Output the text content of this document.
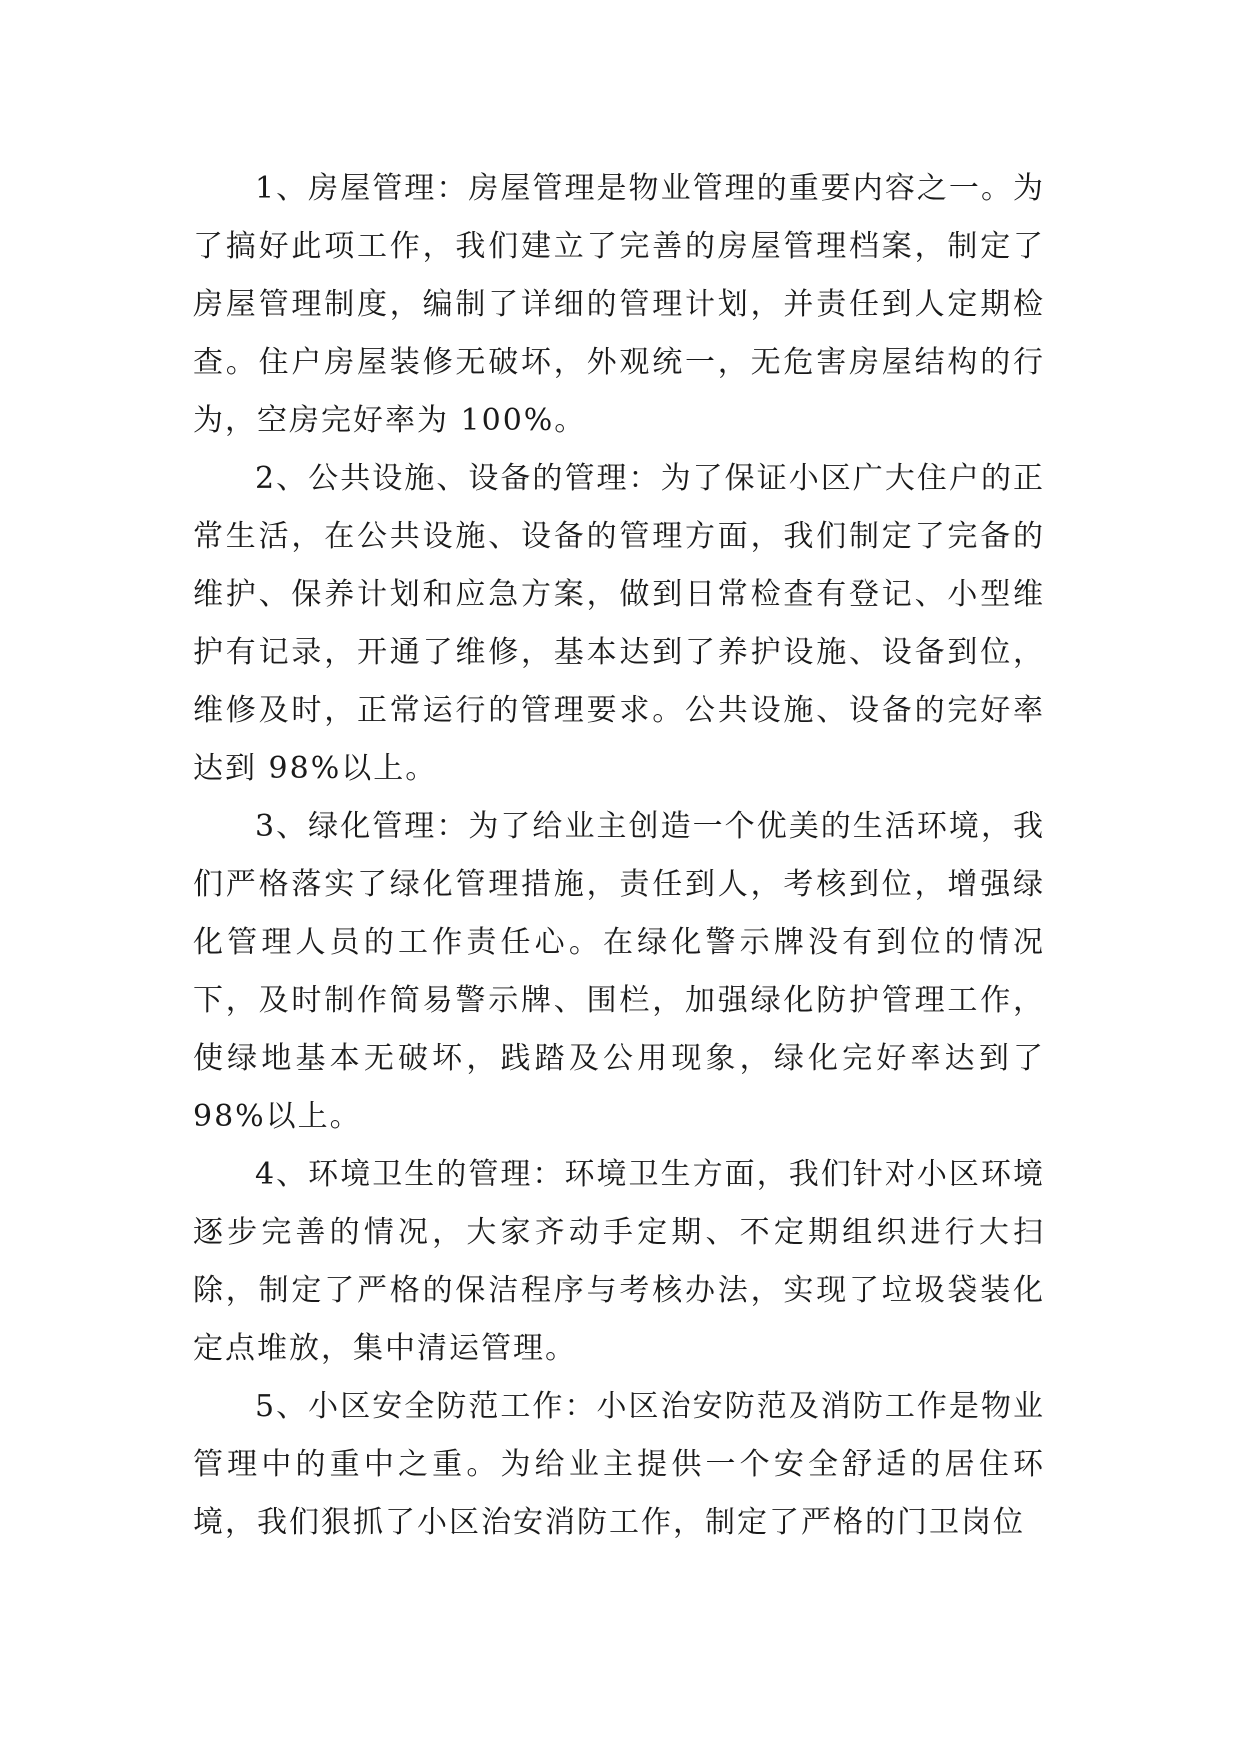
1、房屋管理：房屋管理是物业管理的重要内容之一。为了搞好此项工作，我们建立了完善的房屋管理档案，制定了房屋管理制度，编制了详细的管理计划，并责任到人定期检查。住户房屋装修无破坏，外观统一，无危害房屋结构的行为，空房完好率为 100%。

2、公共设施、设备的管理：为了保证小区广大住户的正常生活，在公共设施、设备的管理方面，我们制定了完备的维护、保养计划和应急方案，做到日常检查有登记、小型维护有记录，开通了维修，基本达到了养护设施、设备到位，维修及时，正常运行的管理要求。公共设施、设备的完好率达到 98%以上。

3、绿化管理：为了给业主创造一个优美的生活环境，我们严格落实了绿化管理措施，责任到人，考核到位，增强绿化管理人员的工作责任心。在绿化警示牌没有到位的情况下，及时制作简易警示牌、围栏，加强绿化防护管理工作，使绿地基本无破坏，践踏及公用现象，绿化完好率达到了 98%以上。

4、环境卫生的管理：环境卫生方面，我们针对小区环境逐步完善的情况，大家齐动手定期、不定期组织进行大扫除，制定了严格的保洁程序与考核办法，实现了垃圾袋装化定点堆放，集中清运管理。

5、小区安全防范工作：小区治安防范及消防工作是物业管理中的重中之重。为给业主提供一个安全舒适的居住环境，我们狠抓了小区治安消防工作，制定了严格的门卫岗位
